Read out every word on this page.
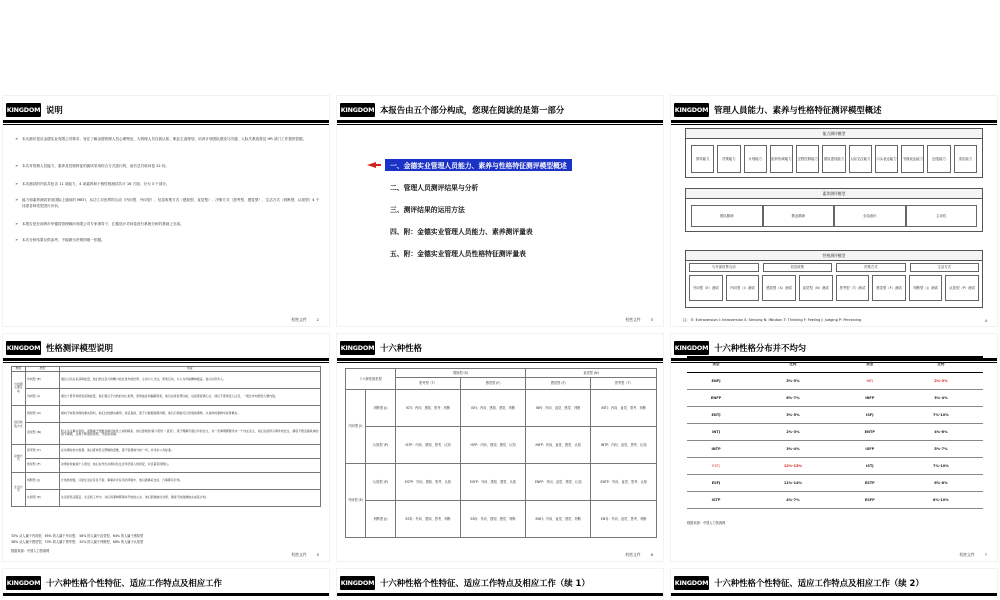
KINGDOM 说明
➢	本氏测评是应金德实业有限公司要求，旨在了解金德管理人员心理特征，为管理人员自我认知、职业生涯规划、培训计划团队建设与沟通、人际关系改善及 HR 部门工作提供依据。
➢	本次对管理人员能力、素养及性格特征的测试采用综合方式进行的，前后总共收问卷 22 份。
➢	本次测试的内容共包含 11 项能力，4 项素养和于相性格测试共计 16 方面，分为 3 个部分。
➢	能力和素养测试采用国际上通用的 MBTI，从功工对世界的互动（内向型、外向型）、信息收集方式（感知型、直觉型）、决策方式（思考型、感觉型）、生活方式（判断型、认知型）4 个纬度各种类型进行评价。
➢	本报告是在深圳市华德智管理顾问有限公司专家指导下，汇健设计对问卷进行系统分析的基础上完成。
➢	本次分析结果仅供参考，不能做为决策的唯一依据。
机密文件	2
KINGDOM 本报告由五个部分构成，您现在阅读的是第一部分
一、金德实业管理人员能力、素养与性格特征测评模型概述
二、管理人员测评结果与分析
三、测评结果的运用方法
四、附：金德实业管理人员能力、素养测评量表
五、附：金德实业管理人员性格特征测评量表
机密文件	3
KINGDOM 管理人員能力、素养与性格特征测评模型概述
能力测评模型
领导能力	决策能力	计划能力	组织协调能力	过程控制能力	团队建设能力	人际交往能力	口头表达能力	书面表达能力	创造能力	适应能力
素养测评模型
团队精神	敬业精神	全局意识	主动性
性格测评模型
与外部世界互动	信息收集	决策方式	生活方式
外向型（E）测试	内向型（I）测试	感知型（S）测试	直觉型（N）测试	思考型（T）测试	感觉型（F）测试	判断型（J）测试	认知型（P）测试
注： E: Extraversion I: Introversion S: Sensing N: INtution T: Thinking F: Feeling J: Judging P: Perceiving	4
KINGDOM 性格测评模型说明
维度	类型	特征
与世界心理互动	外向型 (E)	通过人际关系获取能量，他们把注意力和精力放在身外的世界，主动与人交往，喜欢互动，与人为伴能精神振奋，常认识很多人。
	内向型 (I)	通过个思考和感觉获取能量，他们喜注于自我的内心世界，喜欢独处和偏僻思索，他们也是有想以能，这是喜爱情心态，他们不喜欢受人注目，一般比外向型的人要内敛。
信息收集方式	感知型 (S)	倾向于收集详细的事实资料，他们比较踏实确用，说话直接，善于以数据说明问题，他们只相信可以觉察的事物，从具体的事物中获得事实。
	直觉型 (N)	较少关注事实资料，而侧重于想推各种可能性之间的联系，他们更相信'第六感觉'（直觉），善于理解字面以外的含义，对一些事情都要寻求一个内在意义，他们总能用示事件的发生，越容不愿意做具体的细节事情，总想不断更新思想，开拓新领域。
决策方式	思考型 (T)	在决策时较为客观，他们喜欢符合逻辑的思维，善于客观地分析一切，并寻求公共标准。
	感觉型 (F)	决策时较重视个人感觉，他们在作出决策时往往会考虑别人的感受，并且富有同情心。
生活方式	判断型 (J)	计划性较强，只能生活在有条不紊、事事井井有序的环境中，他们做事后支持，凡事都有计划。
	认知型 (P)	生活很灵活随意，生活和工作中，对任何事物都保持开放的心态，他们很难做出决策，通常不能准确地完成某计划。
33% 从人属于内向型，65% 的人属于外向型； 58% 的人属于直觉型，64% 的人属于感知型
38% 从人属于感觉型，70% 的人属于思考型； 32% 的人属于判断型，68% 的人属于认知型
数据来源：中国人力资源网
机密文件	5
KINGDOM 十六种性格
十六种性格类型		感知型 (S)		直觉型 (N)	
		思考型（T）	感觉型 (F)	感觉型 (F)	思考型（T）
内向型 (I)	判断型 (J)	ISTJ：内向、感知、思考、判断	ISFJ：内向、感知、感觉、判断	INFJ：内向、直觉、感觉、判断	INTJ：内向、直觉、思考、判断
	认知型 (P)	ISTP：内向、感知、思考、认知	ISFP：内向、感知、感觉、认知	INFP：内向、直觉、感觉、认知	INTP：内向、直觉、思考、认知
外向型 (E)	认知型 (P)	ESTP：外向、感知、思考、认知	ESFP：外向、感知、感觉、认知	ENFP：外向、直觉、感觉、认知	ENTP：外向、直觉、思考、认知
	判断型 (J)	ESTJ：外向、感知、思考、判断	ESFJ：外向、感知、感觉、判断	ENFJ：外向、直觉、感觉、判断	ENTJ：外向、直觉、思考、判断
机密文件	6
KINGDOM 十六种性格分布并不均匀
类型	比例	类型	比例
ENFJ	3%-5%	INFJ	2%-3%
ENFP	6%-7%	INFP	3%-4%
ENTJ	3%-5%	ISFJ	7%-10%
INTJ	2%-3%	ENTP	4%-6%
INTP	3%-4%	ISFP	5%-7%
ESTJ	12%-15%	ISTJ	7%-10%
ESFJ	11%-14%	ESTP	6%-8%
ISTP	4%-7%	ESFP	8%-10%
数据来源：中国人力资源网
机密文件	7
KINGDOM 十六种性格个性特征、适应工作特点及相应工作	KINGDOM 十六种性格个性特征、适应工作特点及相应工作（续 1）	KINGDOM 十六种性格个性特征、适应工作特点及相应工作（续 2）
